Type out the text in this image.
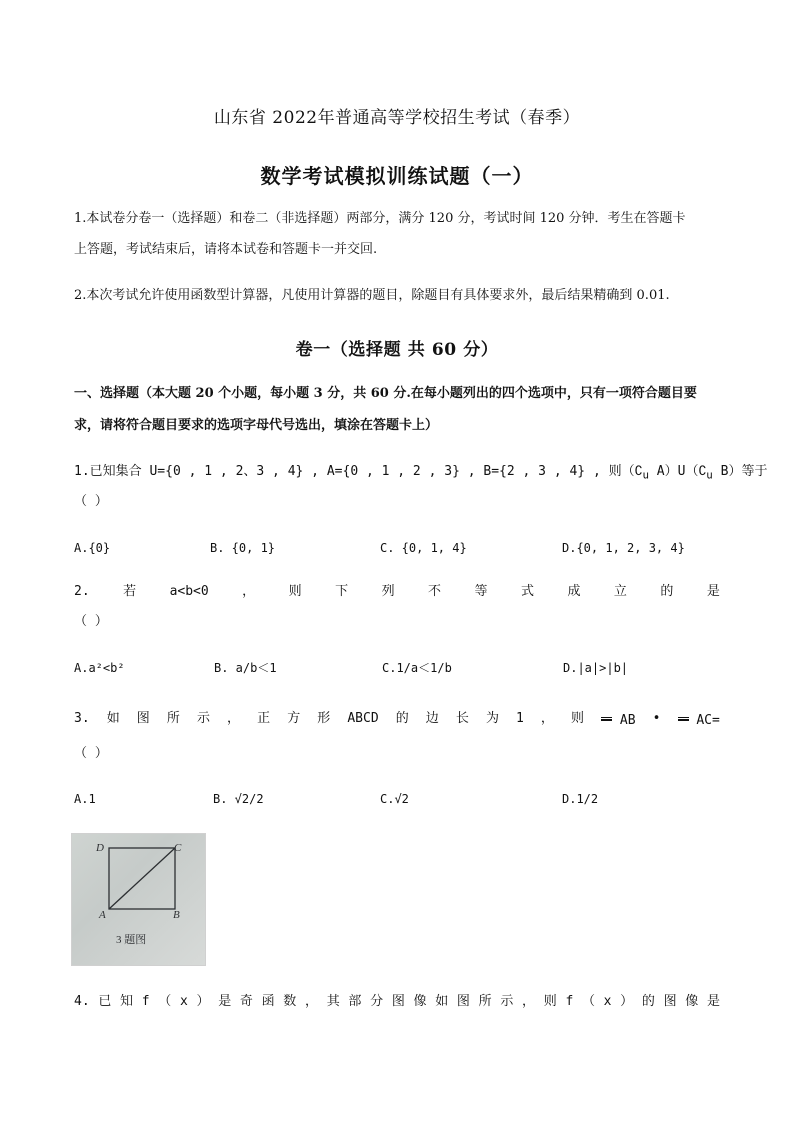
山东省 2022年普通高等学校招生考试（春季）
数学考试模拟训练试题（一）
1.本试卷分卷一（选择题）和卷二（非选择题）两部分，满分 120 分，考试时间 120 分钟．考生在答题卡
上答题，考试结束后，请将本试卷和答题卡一并交回.
2.本次考试允许使用函数型计算器，凡使用计算器的题目，除题目有具体要求外，最后结果精确到 0.01.
卷一（选择题 共 60 分）
一、选择题（本大题 20 个小题，每小题 3 分，共 60 分.在每小题列出的四个选项中，只有一项符合题目要
求，请将符合题目要求的选项字母代号选出，填涂在答题卡上）
1.已知集合 U={0 , 1 , 2、3 , 4} , A={0 , 1 , 2 , 3} , B={2 , 3 , 4} , 则（$∁_u$ $A)U(∁_u$ B）等于
（ ）
A.{0}	B. {0, 1}	C. {0, 1, 4}	D.{0, 1, 2, 3, 4}
2.	若	a<b<0	，	则	下	列	不	等	式	成	立	的	是
（ ）
A.a²<b²	B. a/b＜1	C.1/a＜1/b	D.|a|>|b|
3. 如 图 所 示 ， 正 方 形 ABCD 的 边 长 为 1 ， 则	AB •	AC=
（ ）
A.1	B. √2/2	C.√2	D.1/2
D	C
A	B
3 题图
4. 已 知 f （ x ） 是 奇 函 数 ， 其 部 分 图 像 如 图 所 示 ， 则 f （ x ） 的 图 像 是
